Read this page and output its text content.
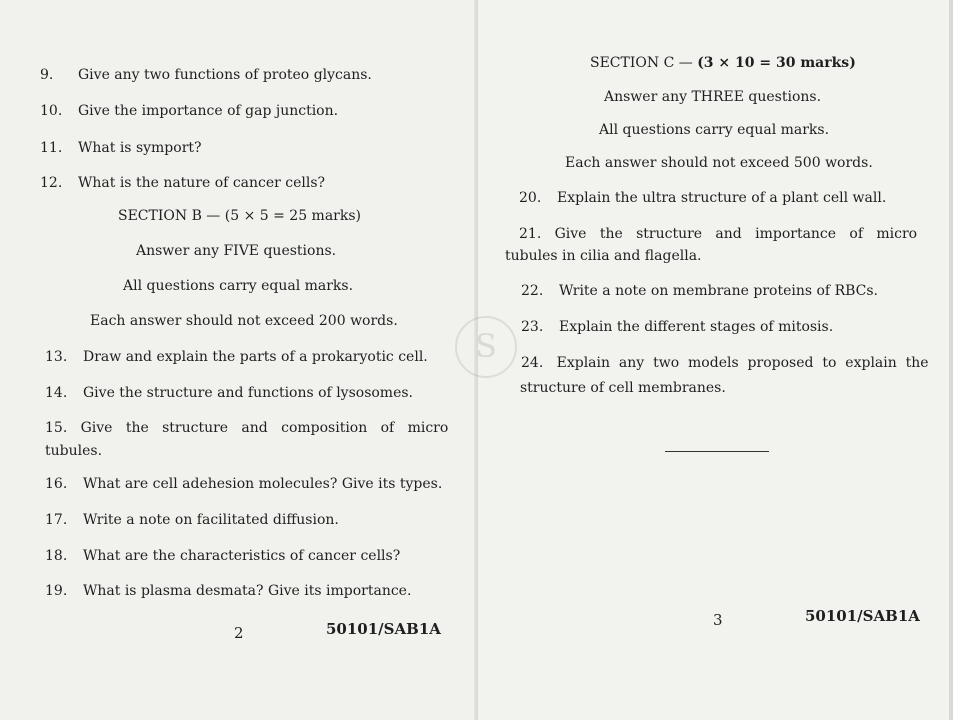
9. Give any two functions of proteo glycans.
10. Give the importance of gap junction.
11. What is symport?
12. What is the nature of cancer cells?
SECTION B — (5 × 5 = 25 marks)
Answer any FIVE questions.
All questions carry equal marks.
Each answer should not exceed 200 words.
13. Draw and explain the parts of a prokaryotic cell.
14. Give the structure and functions of lysosomes.
15.   Give   the   structure   and   composition   of   micro
tubules.
16. What are cell adehesion molecules? Give its types.
17. Write a note on facilitated diffusion.
18. What are the characteristics of cancer cells?
19. What is plasma desmata? Give its importance.
2	50101/SAB1A
SECTION C — (3 × 10 = 30 marks)
Answer any THREE questions.
All questions carry equal marks.
Each answer should not exceed 500 words.
20. Explain the ultra structure of a plant cell wall.
21.   Give   the   structure   and   importance   of   micro
tubules in cilia and flagella.
22. Write a note on membrane proteins of RBCs.
23. Explain the different stages of mitosis.
24.   Explain  any  two  models  proposed  to  explain  the
structure of cell membranes.
3	50101/SAB1A
S
